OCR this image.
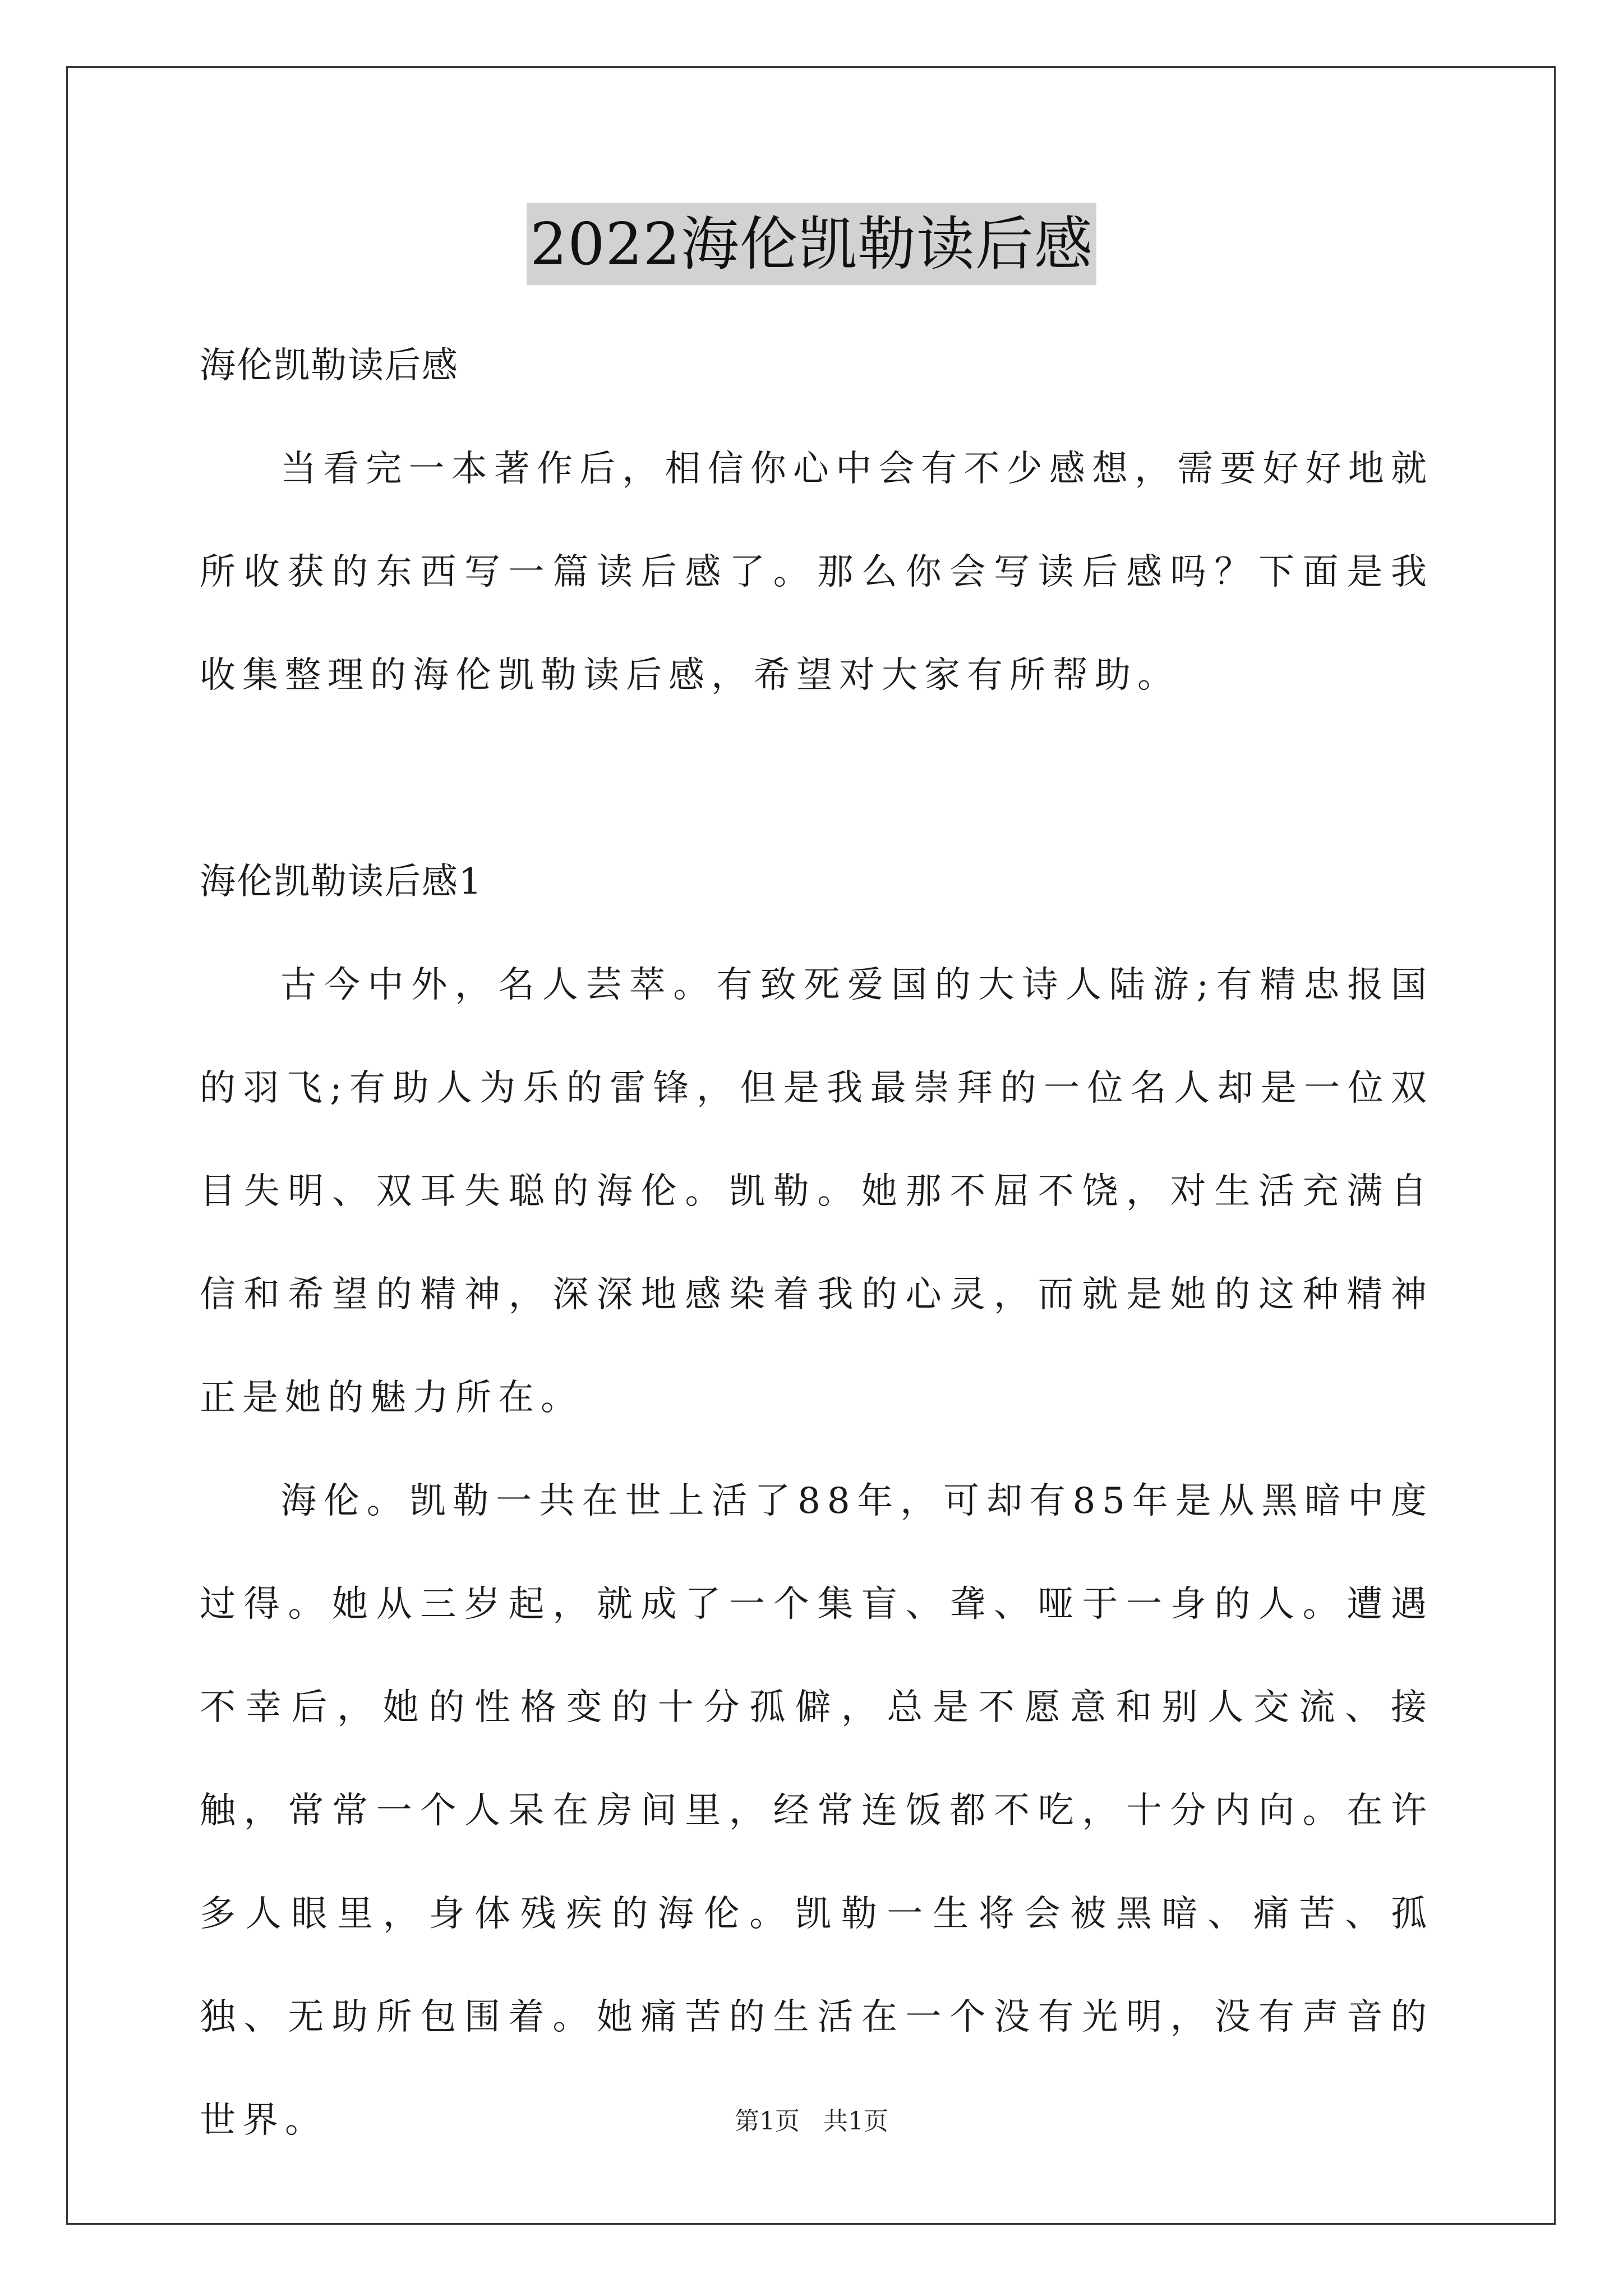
2022海伦凯勒读后感

海伦凯勒读后感

当看完一本著作后，相信你心中会有不少感想，需要好好地就所收获的东西写一篇读后感了。那么你会写读后感吗？下面是我收集整理的海伦凯勒读后感，希望对大家有所帮助。

海伦凯勒读后感1

古今中外，名人芸萃。有致死爱国的大诗人陆游;有精忠报国的羽飞;有助人为乐的雷锋，但是我最崇拜的一位名人却是一位双目失明、双耳失聪的海伦。凯勒。她那不屈不饶，对生活充满自信和希望的精神，深深地感染着我的心灵，而就是她的这种精神正是她的魅力所在。

海伦。凯勒一共在世上活了88年，可却有85年是从黑暗中度过得。她从三岁起，就成了一个集盲、聋、哑于一身的人。遭遇不幸后，她的性格变的十分孤僻，总是不愿意和别人交流、接触，常常一个人呆在房间里，经常连饭都不吃，十分内向。在许多人眼里，身体残疾的海伦。凯勒一生将会被黑暗、痛苦、孤独、无助所包围着。她痛苦的生活在一个没有光明，没有声音的世界。	第1页   共1页
